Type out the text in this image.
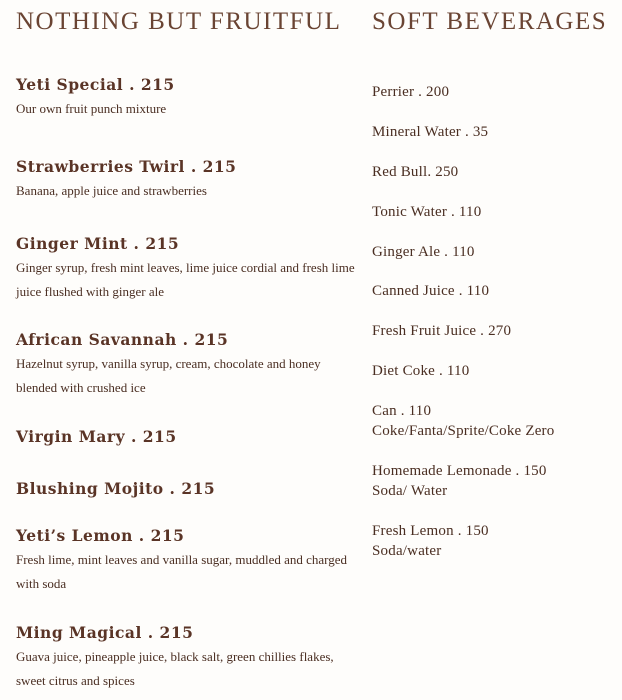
NOTHING BUT FRUITFUL SOFT BEVERAGES
Yeti Special . 215
Our own fruit punch mixture
Strawberries Twirl . 215
Banana, apple juice and strawberries
Ginger Mint . 215
Ginger syrup, fresh mint leaves, lime juice cordial and fresh lime juice flushed with ginger ale
African Savannah . 215
Hazelnut syrup, vanilla syrup, cream, chocolate and honey blended with crushed ice
Virgin Mary . 215
Blushing Mojito . 215
Yeti’s Lemon . 215
Fresh lime, mint leaves and vanilla sugar, muddled and charged with soda
Ming Magical . 215
Guava juice, pineapple juice, black salt, green chillies flakes, sweet citrus and spices
Perrier . 200
Mineral Water . 35
Red Bull. 250
Tonic Water . 110
Ginger Ale . 110
Canned Juice . 110
Fresh Fruit Juice . 270
Diet Coke . 110
Can . 110
Coke/Fanta/Sprite/Coke Zero
Homemade Lemonade . 150
Soda/ Water
Fresh Lemon . 150
Soda/water
